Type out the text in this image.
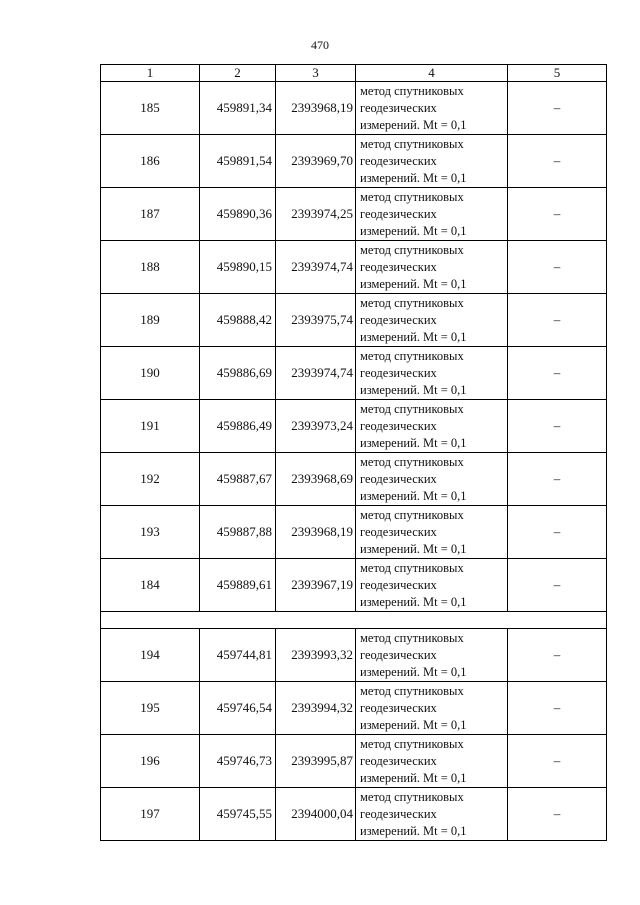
470
1	2	3	4	5
185	459891,34	2393968,19	метод спутниковых
геодезических
измерений. Mt = 0,1	–
186	459891,54	2393969,70	метод спутниковых
геодезических
измерений. Mt = 0,1	–
187	459890,36	2393974,25	метод спутниковых
геодезических
измерений. Mt = 0,1	–
188	459890,15	2393974,74	метод спутниковых
геодезических
измерений. Mt = 0,1	–
189	459888,42	2393975,74	метод спутниковых
геодезических
измерений. Mt = 0,1	–
190	459886,69	2393974,74	метод спутниковых
геодезических
измерений. Mt = 0,1	–
191	459886,49	2393973,24	метод спутниковых
геодезических
измерений. Mt = 0,1	–
192	459887,67	2393968,69	метод спутниковых
геодезических
измерений. Mt = 0,1	–
193	459887,88	2393968,19	метод спутниковых
геодезических
измерений. Mt = 0,1	–
184	459889,61	2393967,19	метод спутниковых
геодезических
измерений. Mt = 0,1	–

194	459744,81	2393993,32	метод спутниковых
геодезических
измерений. Mt = 0,1	–
195	459746,54	2393994,32	метод спутниковых
геодезических
измерений. Mt = 0,1	–
196	459746,73	2393995,87	метод спутниковых
геодезических
измерений. Mt = 0,1	–
197	459745,55	2394000,04	метод спутниковых
геодезических
измерений. Mt = 0,1	–
